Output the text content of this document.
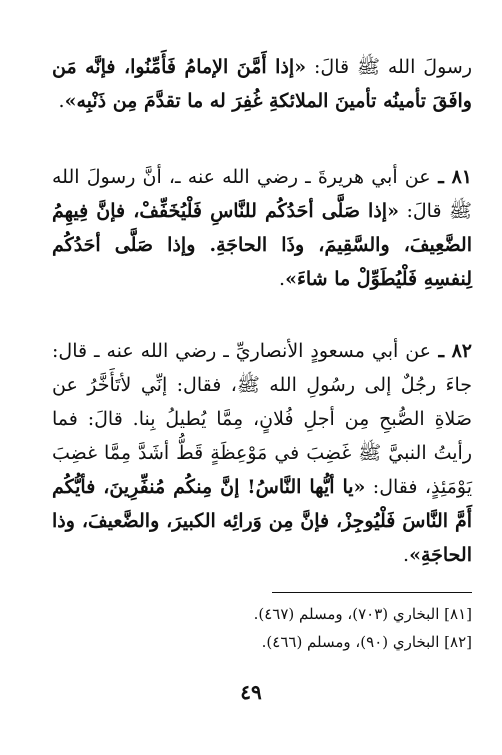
رسولَ الله ﷺ قالَ: «إذا أَمَّنَ الإمامُ فَأَمِّنُوا، فإنَّه مَن وافَقَ تأمينُه تأمينَ الملائكةِ غُفِرَ له ما تقدَّمَ مِن ذَنْبِه».

٨١ ـ عن أبي هريرةَ ـ رضي الله عنه ـ، أنَّ رسولَ الله ﷺ قالَ: «إذا صَلَّى أحَدُكُم للنَّاسِ فَلْيُخَفِّفْ، فإنَّ فِيهِمُ الضَّعِيفَ، والسَّقِيمَ، وذَا الحاجَةِ. وإذا صَلَّى أحَدُكُم لِنفسِهِ فَلْيُطَوِّلْ ما شاءَ».

٨٢ ـ عن أبي مسعودٍ الأنصاريِّ ـ رضي الله عنه ـ قال: جاءَ رجُلٌ إلى رسُولِ الله ﷺ، فقال: إنِّي لأتَأَخَّرُ عن صَلاةِ الصُّبحِ مِن أجلِ فُلانٍ، مِمَّا يُطيلُ بِنا. قالَ: فما رأيتُ النبيَّ ﷺ غَضِبَ في مَوْعِظَةٍ قَطُّ أشَدَّ مِمَّا غضِبَ يَوْمَئِذٍ، فقال: «يا أيُّها النَّاسُ! إنَّ مِنكُم مُنفِّرِينَ، فأيُّكُم أَمَّ النَّاسَ فَلْيُوجِزْ، فإنَّ مِن وَرائِه الكبيرَ، والضَّعيفَ، وذا الحاجَةِ».

[٨١] البخاري (٧٠٣)، ومسلم (٤٦٧).
[٨٢] البخاري (٩٠)، ومسلم (٤٦٦).
٤٩
